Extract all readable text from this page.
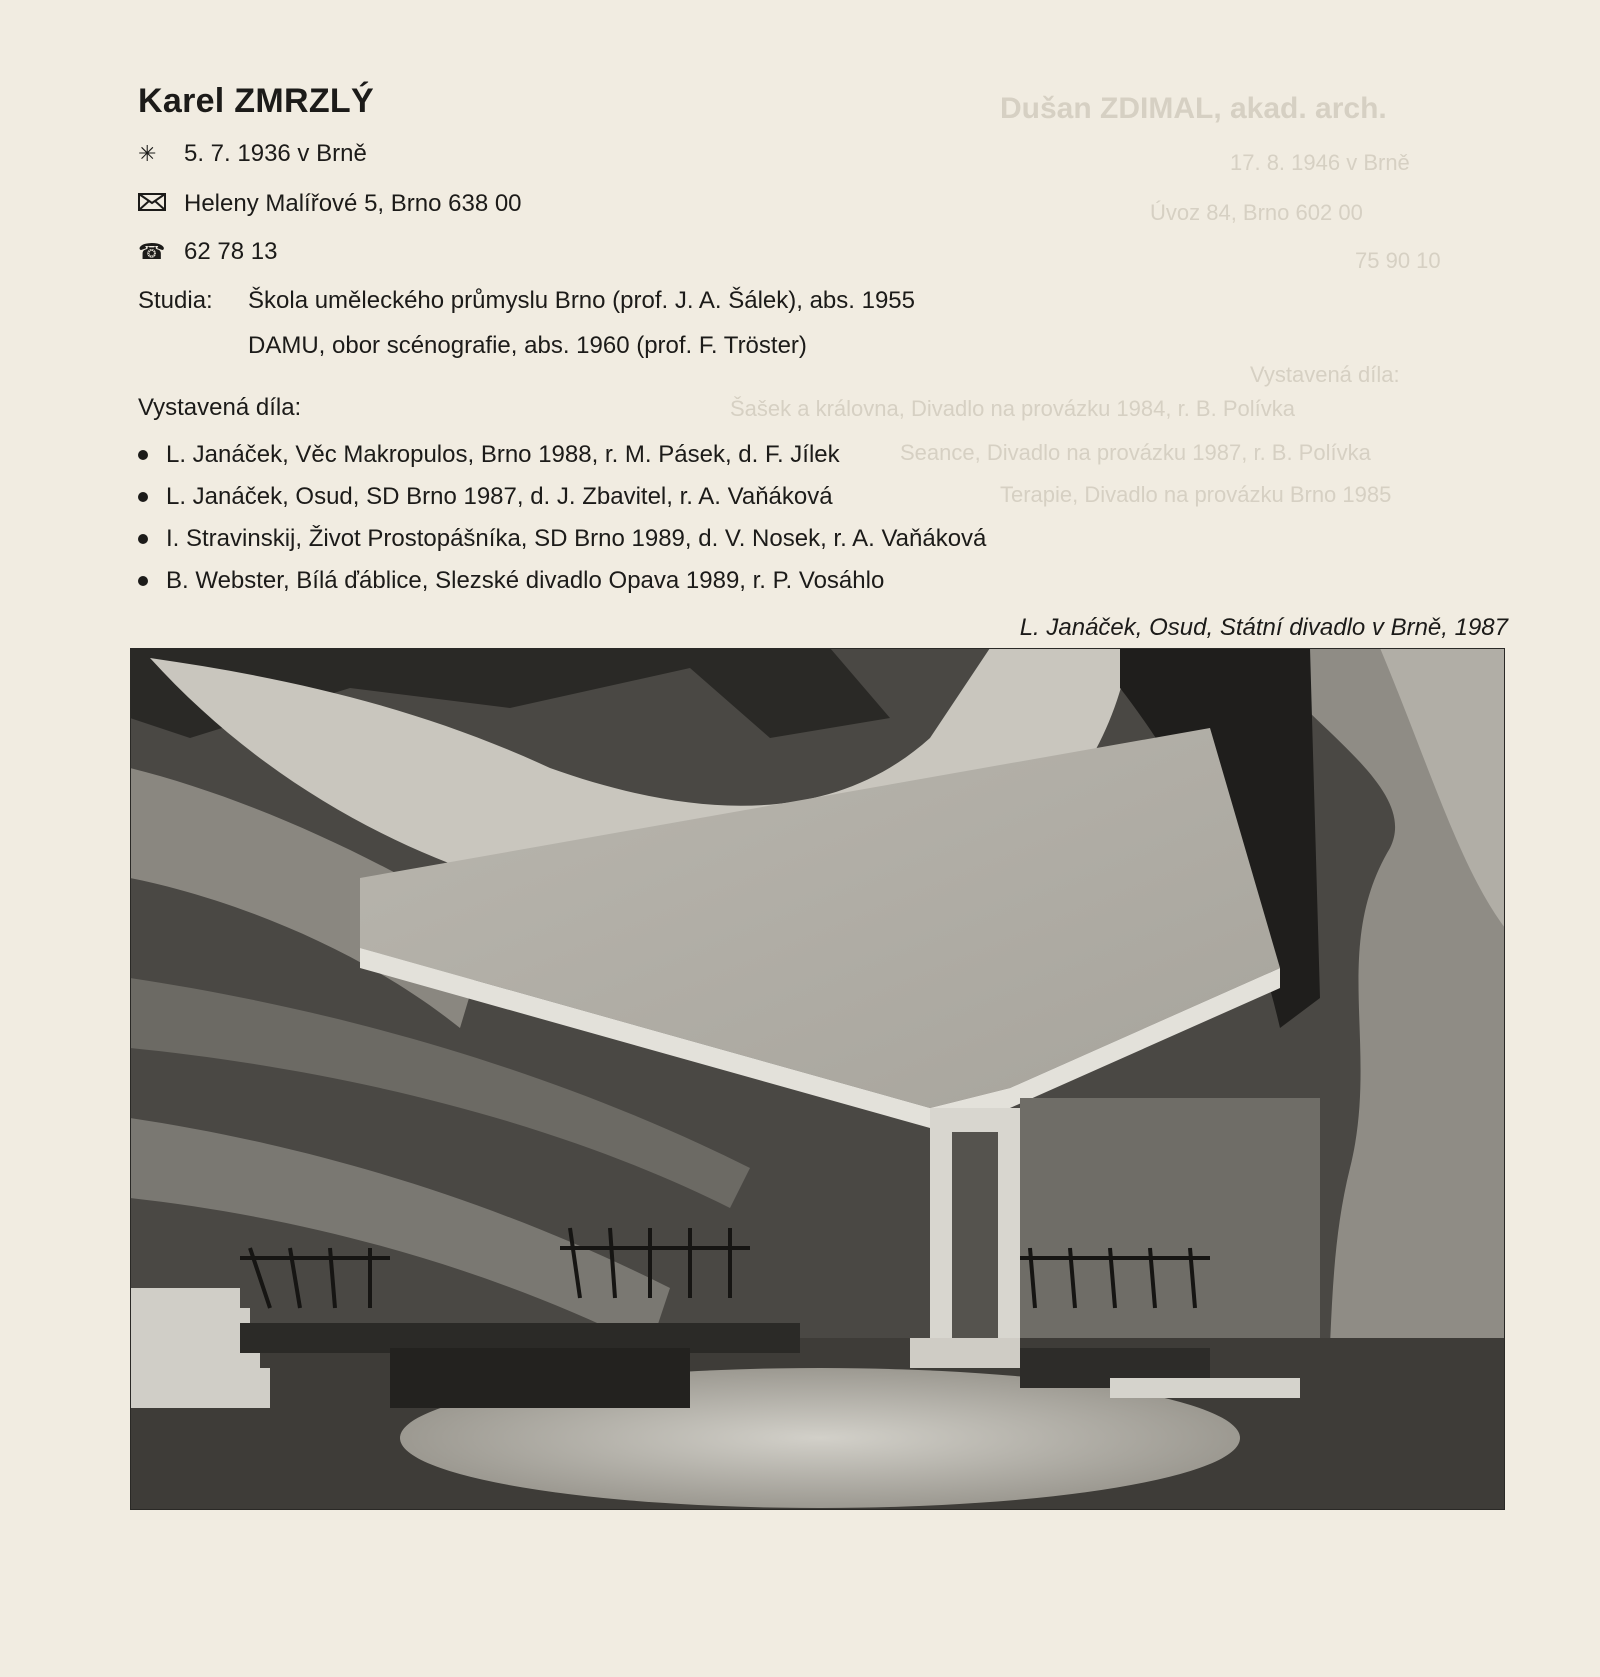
Dušan ZDIMAL, akad. arch.
17. 8. 1946 v Brně
Úvoz 84, Brno 602 00
75 90 10
Vystavená díla:
Šašek a královna, Divadlo na provázku 1984, r. B. Polívka
Seance, Divadlo na provázku 1987, r. B. Polívka
Terapie, Divadlo na provázku Brno 1985
Karel ZMRZLÝ
✳	5. 7. 1936 v Brně
Heleny Malířové 5, Brno 638 00
☎ 62 78 13
Studia: Škola uměleckého průmyslu Brno (prof. J. A. Šálek), abs. 1955
DAMU, obor scénografie, abs. 1960 (prof. F. Tröster)
Vystavená díla:
L. Janáček, Věc Makropulos, Brno 1988, r. M. Pásek, d. F. Jílek
L. Janáček, Osud, SD Brno 1987, d. J. Zbavitel, r. A. Vaňáková
I. Stravinskij, Život Prostopášníka, SD Brno 1989, d. V. Nosek, r. A. Vaňáková
B. Webster, Bílá ďáblice, Slezské divadlo Opava 1989, r. P. Vosáhlo
L. Janáček, Osud, Státní divadlo v Brně, 1987
